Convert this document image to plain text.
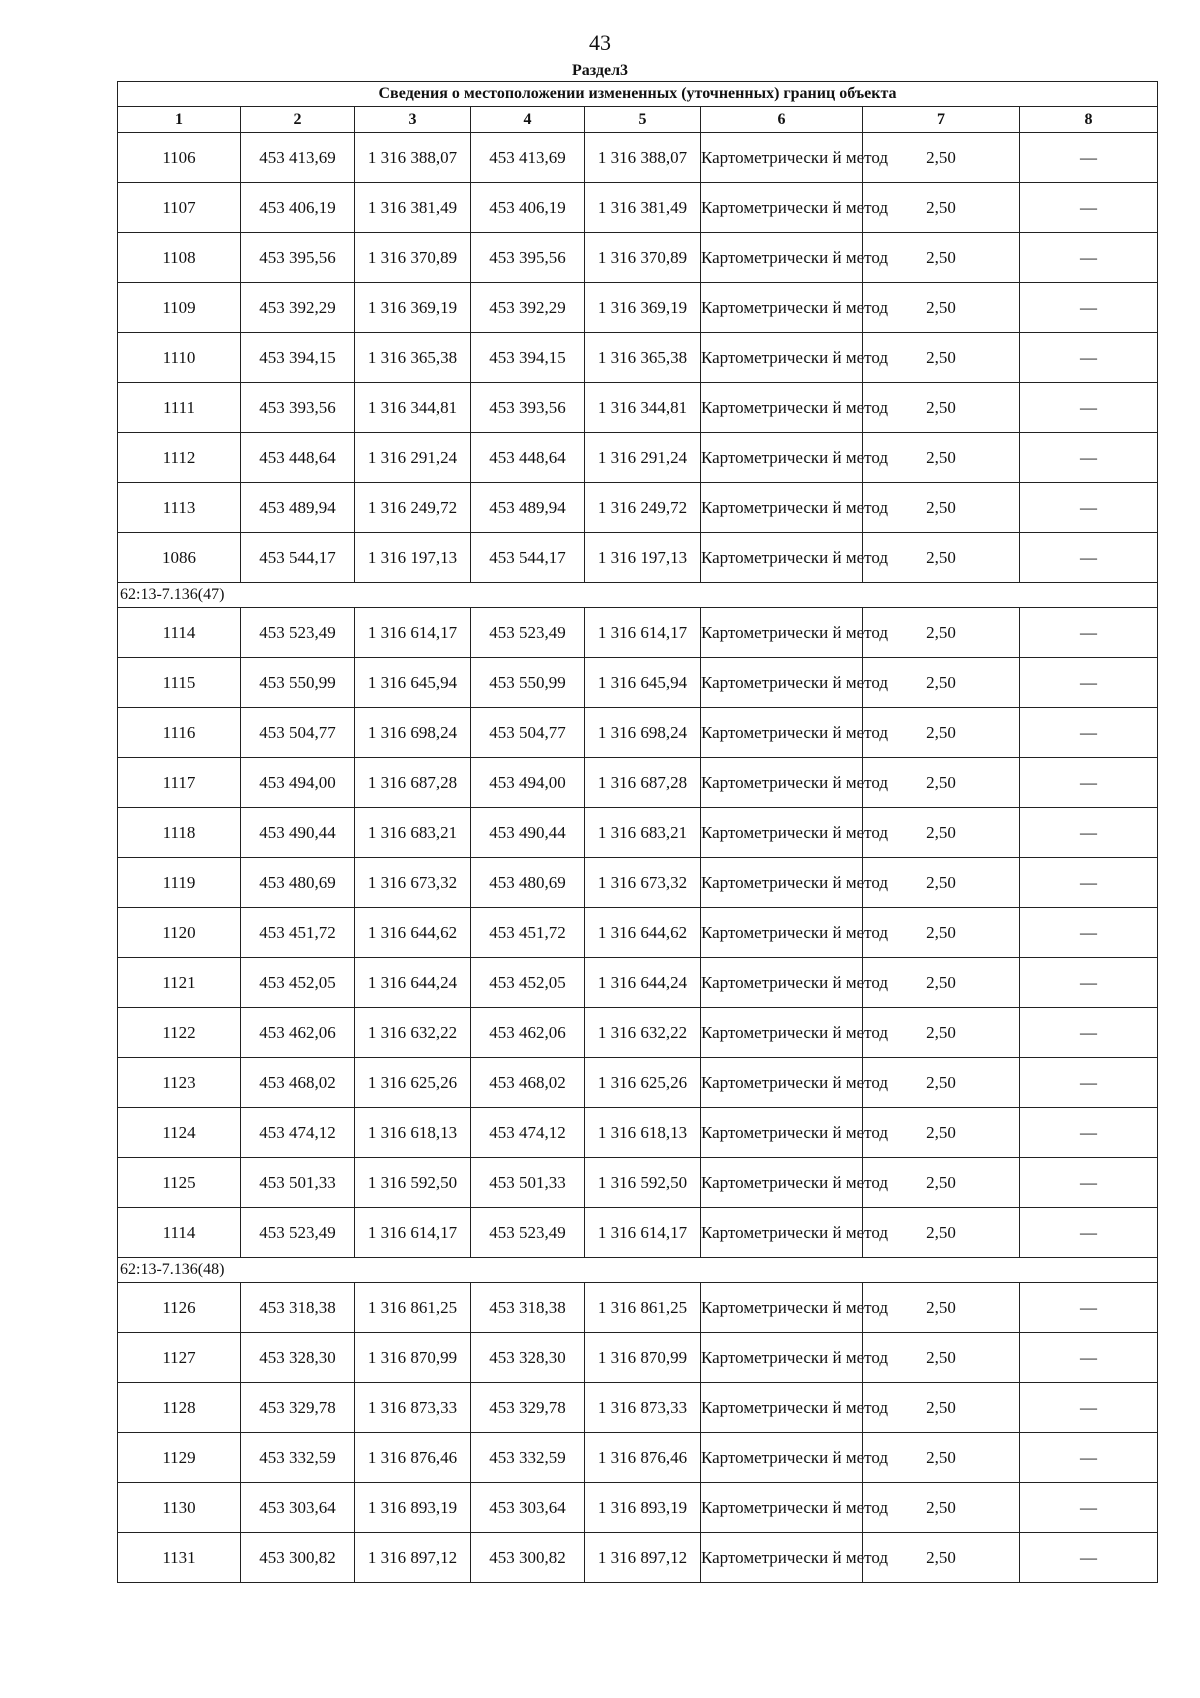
43
Раздел3
Сведения о местоположении измененных (уточненных) границ объекта							
1	2	3	4	5	6	7	8
1106	453 413,69	1 316 388,07	453 413,69	1 316 388,07	Картометрически й метод	2,50	—
1107	453 406,19	1 316 381,49	453 406,19	1 316 381,49	Картометрически й метод	2,50	—
1108	453 395,56	1 316 370,89	453 395,56	1 316 370,89	Картометрически й метод	2,50	—
1109	453 392,29	1 316 369,19	453 392,29	1 316 369,19	Картометрически й метод	2,50	—
1110	453 394,15	1 316 365,38	453 394,15	1 316 365,38	Картометрически й метод	2,50	—
1111	453 393,56	1 316 344,81	453 393,56	1 316 344,81	Картометрически й метод	2,50	—
1112	453 448,64	1 316 291,24	453 448,64	1 316 291,24	Картометрически й метод	2,50	—
1113	453 489,94	1 316 249,72	453 489,94	1 316 249,72	Картометрически й метод	2,50	—
1086	453 544,17	1 316 197,13	453 544,17	1 316 197,13	Картометрически й метод	2,50	—
62:13-7.136(47)							
1114	453 523,49	1 316 614,17	453 523,49	1 316 614,17	Картометрически й метод	2,50	—
1115	453 550,99	1 316 645,94	453 550,99	1 316 645,94	Картометрически й метод	2,50	—
1116	453 504,77	1 316 698,24	453 504,77	1 316 698,24	Картометрически й метод	2,50	—
1117	453 494,00	1 316 687,28	453 494,00	1 316 687,28	Картометрически й метод	2,50	—
1118	453 490,44	1 316 683,21	453 490,44	1 316 683,21	Картометрически й метод	2,50	—
1119	453 480,69	1 316 673,32	453 480,69	1 316 673,32	Картометрически й метод	2,50	—
1120	453 451,72	1 316 644,62	453 451,72	1 316 644,62	Картометрически й метод	2,50	—
1121	453 452,05	1 316 644,24	453 452,05	1 316 644,24	Картометрически й метод	2,50	—
1122	453 462,06	1 316 632,22	453 462,06	1 316 632,22	Картометрически й метод	2,50	—
1123	453 468,02	1 316 625,26	453 468,02	1 316 625,26	Картометрически й метод	2,50	—
1124	453 474,12	1 316 618,13	453 474,12	1 316 618,13	Картометрически й метод	2,50	—
1125	453 501,33	1 316 592,50	453 501,33	1 316 592,50	Картометрически й метод	2,50	—
1114	453 523,49	1 316 614,17	453 523,49	1 316 614,17	Картометрически й метод	2,50	—
62:13-7.136(48)							
1126	453 318,38	1 316 861,25	453 318,38	1 316 861,25	Картометрически й метод	2,50	—
1127	453 328,30	1 316 870,99	453 328,30	1 316 870,99	Картометрически й метод	2,50	—
1128	453 329,78	1 316 873,33	453 329,78	1 316 873,33	Картометрически й метод	2,50	—
1129	453 332,59	1 316 876,46	453 332,59	1 316 876,46	Картометрически й метод	2,50	—
1130	453 303,64	1 316 893,19	453 303,64	1 316 893,19	Картометрически й метод	2,50	—
1131	453 300,82	1 316 897,12	453 300,82	1 316 897,12	Картометрически й метод	2,50	—
